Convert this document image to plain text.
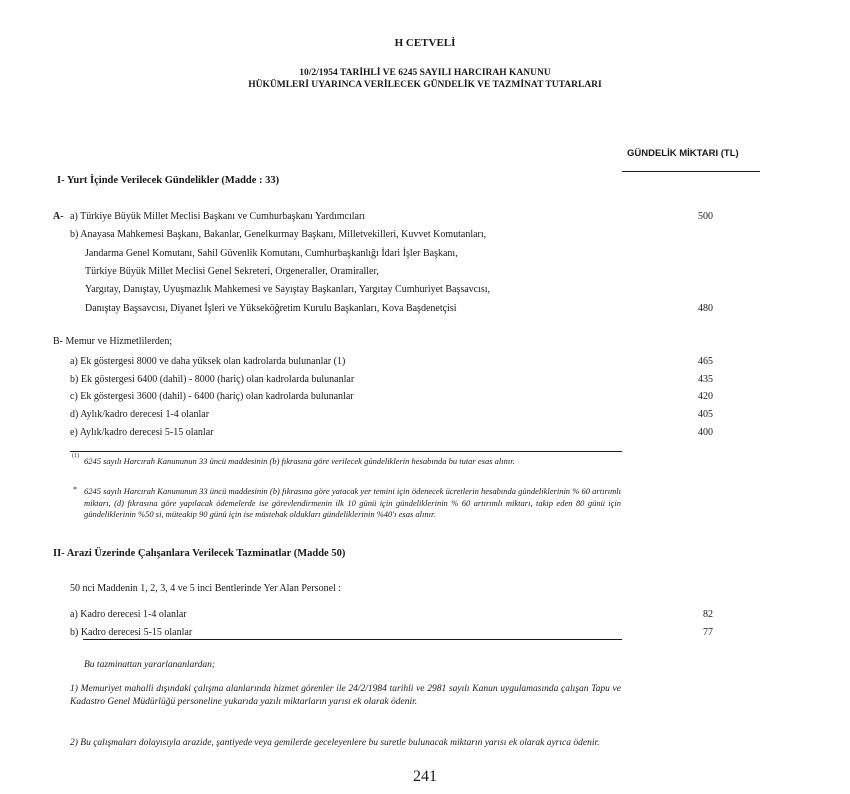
H CETVELİ
10/2/1954 TARİHLİ VE 6245 SAYILI HARCIRAH KANUNU
HÜKÜMLERİ UYARINCA VERİLECEK GÜNDELİK VE TAZMİNAT TUTARLARI
GÜNDELİK MİKTARI (TL)
I- Yurt İçinde Verilecek Gündelikler (Madde : 33)
A- a) Türkiye Büyük Millet Meclisi Başkanı ve Cumhurbaşkanı Yardımcıları	500
b) Anayasa Mahkemesi Başkanı, Bakanlar, Genelkurmay Başkanı, Milletvekilleri, Kuvvet Komutanları,
Jandarma Genel Komutanı, Sahil Güvenlik Komutanı, Cumhurbaşkanlığı İdari İşler Başkanı,
Türkiye Büyük Millet Meclisi Genel Sekreteri, Orgeneraller, Oramiraller,
Yargıtay, Danıştay, Uyuşmazlık Mahkemesi ve Sayıştay Başkanları, Yargıtay Cumhuriyet Başsavcısı,
Danıştay Başsavcısı, Diyanet İşleri ve Yükseköğretim Kurulu Başkanları, Kova Başdenetçisi	480
B- Memur ve Hizmetlilerden;
a) Ek göstergesi 8000 ve daha yüksek olan kadrolarda bulunanlar (1)	465
b) Ek göstergesi 6400 (dahil) - 8000 (hariç) olan kadrolarda bulunanlar	435
c) Ek göstergesi 3600 (dahil) - 6400 (hariç) olan kadrolarda bulunanlar	420
d) Aylık/kadro derecesi 1-4 olanlar	405
e) Aylık/kadro derecesi 5-15 olanlar	400
(1) 6245 sayılı Harcırah Kanununun 33 üncü maddesinin (b) fıkrasına göre verilecek gündeliklerin hesabında bu tutar esas alınır.
* 6245 sayılı Harcırah Kanununun 33 üncü maddesinin (b) fıkrasına göre yatacak yer temini için ödenecek ücretlerin hesabında gündeliklerinin % 60 artırımlı miktarı, (d) fıkrasına göre yapılacak ödemelerde ise görevlendirmenin ilk 10 günü için gündeliklerinin % 60 artırımlı miktarı, takip eden 80 günü için gündeliklerinin %50 si, müteakip 90 günü için ise müstehak oldukları gündeliklerinin %40'ı esas alınır.
II- Arazi Üzerinde Çalışanlara Verilecek Tazminatlar (Madde 50)
50 nci Maddenin 1, 2, 3, 4 ve 5 inci Bentlerinde Yer Alan Personel :
a) Kadro derecesi 1-4 olanlar	82
b) Kadro derecesi 5-15 olanlar	77
Bu tazminattan yararlananlardan;
1) Memuriyet mahalli dışındaki çalışma alanlarında hizmet görenler ile 24/2/1984 tarihli ve 2981 sayılı Kanun uygulamasında çalışan Tapu ve Kadastro Genel Müdürlüğü personeline yukarıda yazılı miktarların yarısı ek olarak ödenir.
2) Bu çalışmaları dolayısıyla arazide, şantiyede veya gemilerde geceleyenlere bu suretle bulunacak miktarın yarısı ek olarak ayrıca ödenir.
241
